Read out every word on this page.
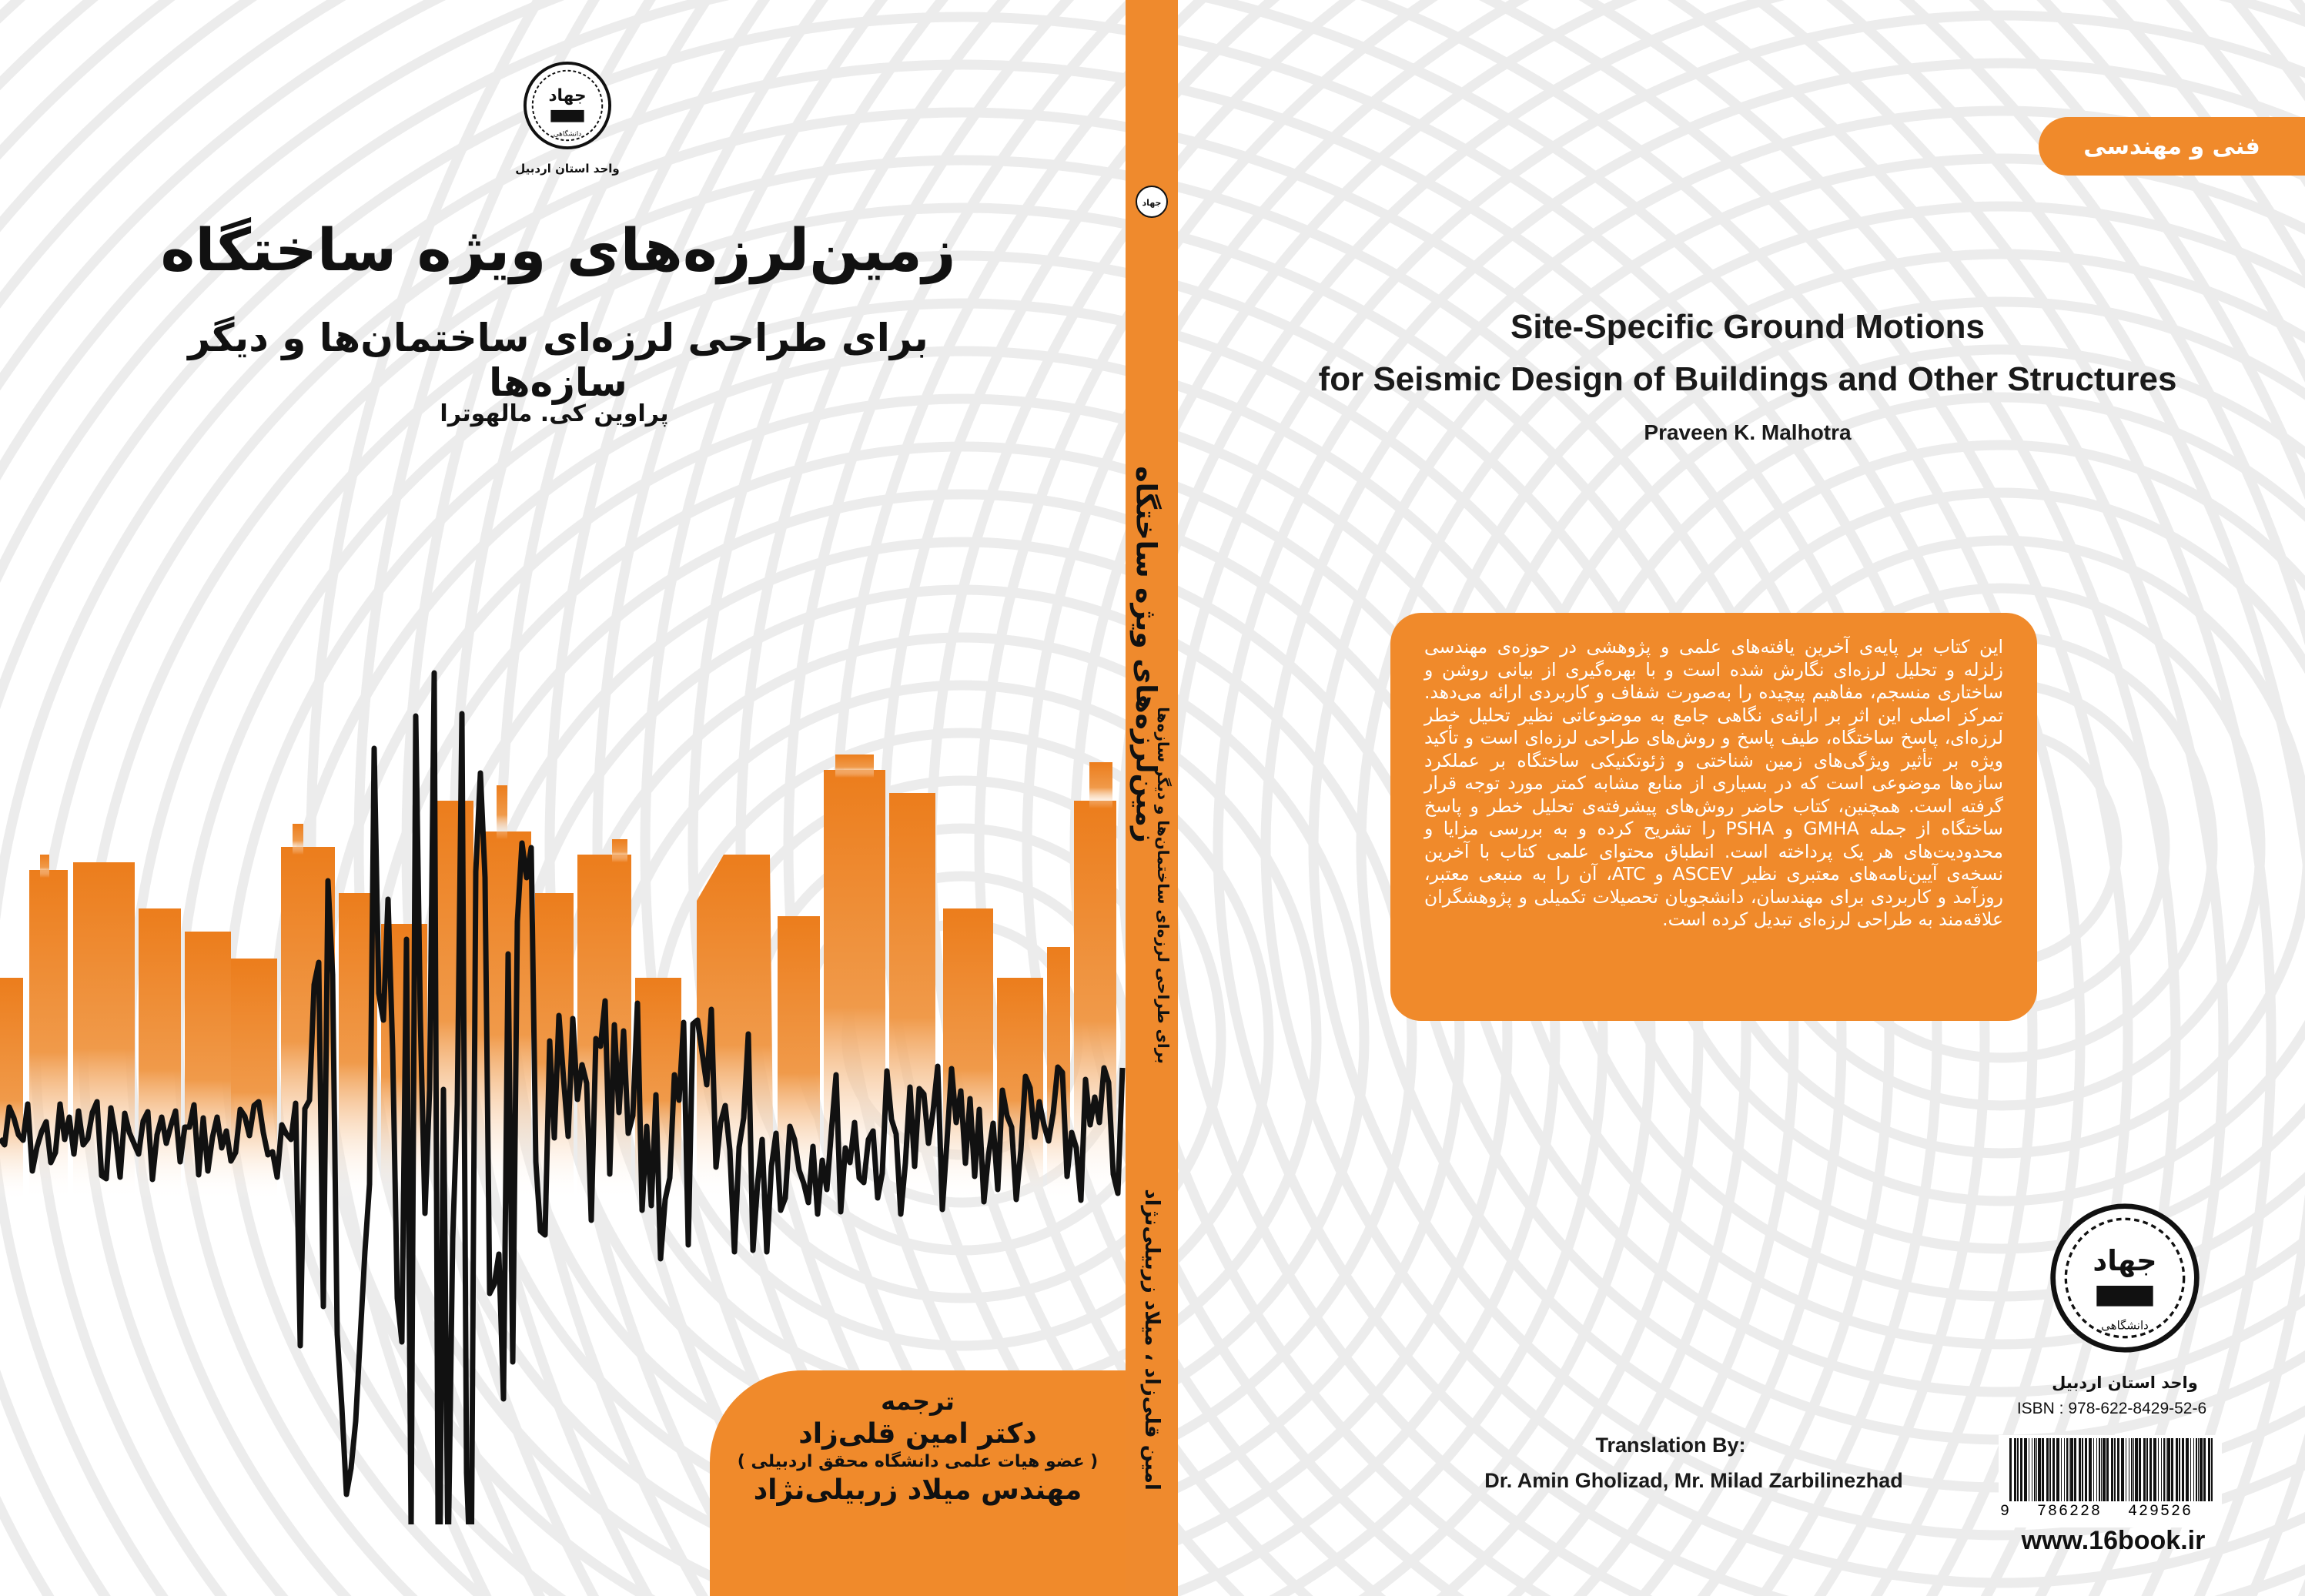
جهاد
دانشگاهی
واحد استان اردبیل
زمین‌لرزه‌های ویژه ساختگاه
برای طراحی لرزه‌ای ساختمان‌ها و دیگر سازه‌ها
پراوین کی. مالهوترا
ترجمه
دکتر امین قلی‌زاد
( عضو هیات علمی دانشگاه محقق اردبیلی )
مهندس میلاد زربیلی‌نژاد
جهاد
زمین‌لرزه‌های ویژه ساختگاه
برای طراحی لرزه‌ای ساختمان‌ها و دیگر سازه‌ها
امین قلی‌زاد ، میلاد زربیلی‌نژاد
فنی و مهندسی
Site-Specific Ground Motions
for Seismic Design of Buildings and Other Structures
Praveen K. Malhotra
این کتاب بر پایه‌ی آخرین یافته‌های علمی و پژوهشی در حوزه‌ی مهندسی زلزله و تحلیل لرزه‌ای نگارش شده است و با بهره‌گیری از بیانی روشن و ساختاری منسجم، مفاهیم پیچیده را به‌صورت شفاف و کاربردی ارائه می‌دهد. تمرکز اصلی این اثر بر ارائه‌ی نگاهی جامع به موضوعاتی نظیر تحلیل خطر لرزه‌ای، پاسخ ساختگاه، طیف پاسخ و روش‌های طراحی لرزه‌ای است و تأکید ویژه بر تأثیر ویژگی‌های زمین شناختی و ژئوتکنیکی ساختگاه بر عملکرد سازه‌ها موضوعی است که در بسیاری از منابع مشابه کمتر مورد توجه قرار گرفته است. همچنین، کتاب حاضر روش‌های پیشرفته‌ی تحلیل خطر و پاسخ ساختگاه از جمله GMHA و PSHA را تشریح کرده و به بررسی مزایا و محدودیت‌های هر یک پرداخته است. انطباق محتوای علمی کتاب با آخرین نسخه‌ی آیین‌نامه‌های معتبری نظیر ASCEV و ATC، آن را به منبعی معتبر، روزآمد و کاربردی برای مهندسان، دانشجویان تحصیلات تکمیلی و پژوهشگران علاقه‌مند به طراحی لرزه‌ای تبدیل کرده است.
جهاد
دانشگاهی
واحد استان اردبیل
ISBN : 978-622-8429-52-6
9 786228 429526
www.16book.ir
Translation By:
Dr. Amin Gholizad, Mr. Milad Zarbilinezhad
